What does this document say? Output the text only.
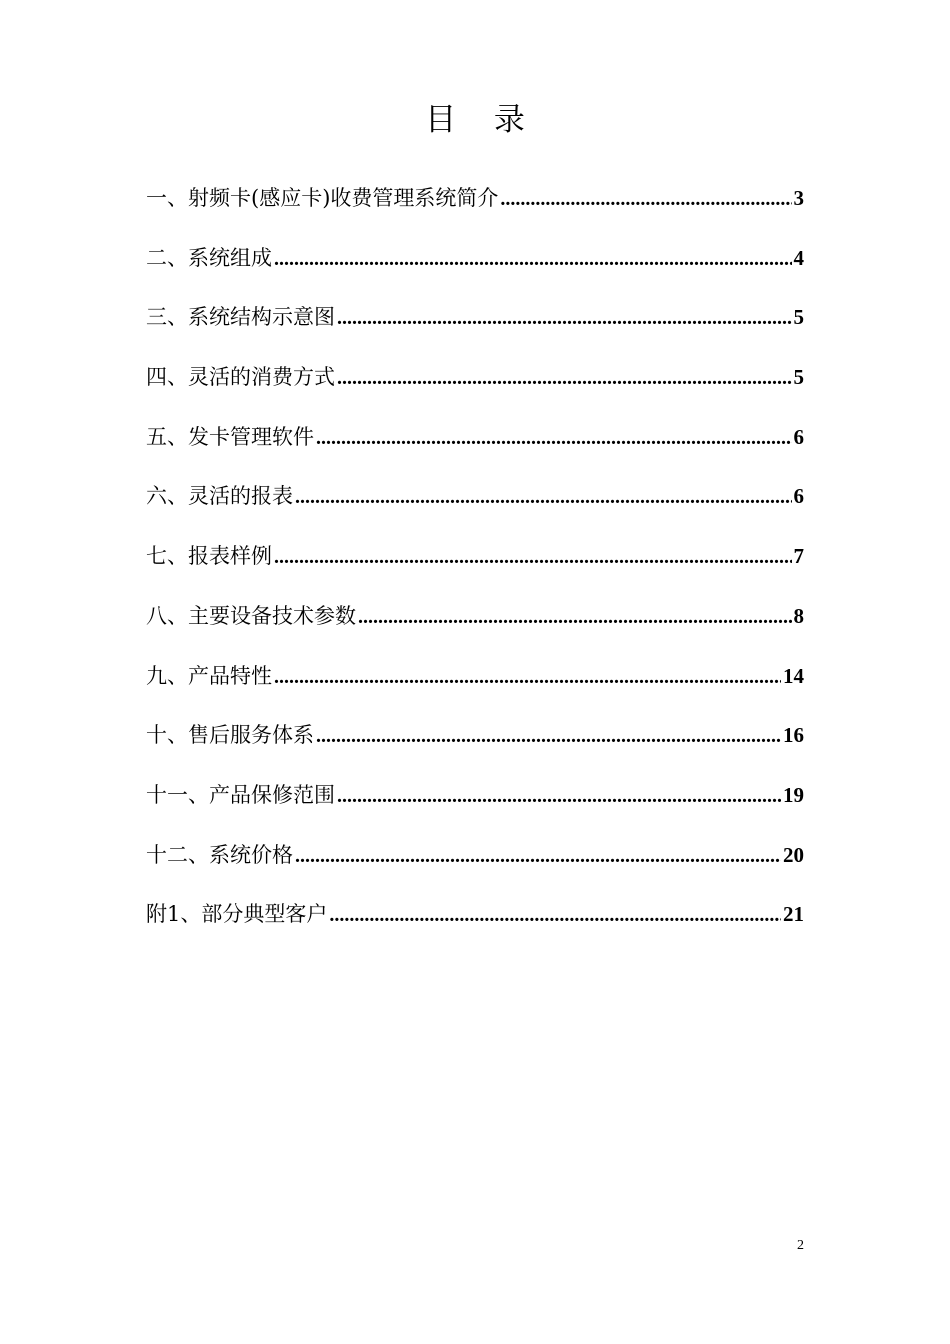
目 录
一、射频卡(感应卡)收费管理系统简介 .....	3
二、系统组成 .....	4
三、系统结构示意图 .....	5
四、灵活的消费方式 .....	5
五、发卡管理软件 .....	6
六、灵活的报表 .....	6
七、报表样例 .....	7
八、主要设备技术参数 .....	8
九、产品特性 .....	14
十、售后服务体系 .....	16
十一、产品保修范围 .....	19
十二、系统价格 .....	20
附1、部分典型客户 .....	21
2
